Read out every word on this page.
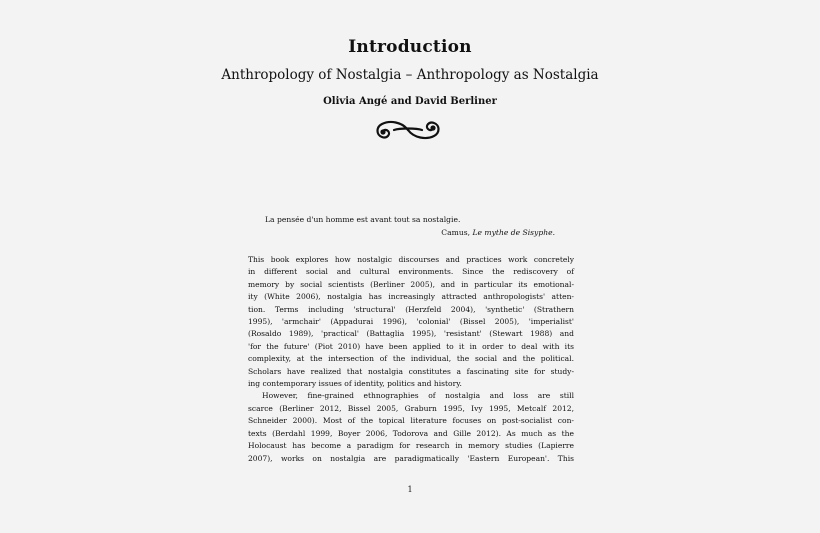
Introduction
Anthropology of Nostalgia – Anthropology as Nostalgia
Olivia Angé and David Berliner
La pensée d'un homme est avant tout sa nostalgie.
Camus, Le mythe de Sisyphe.
This book explores how nostalgic discourses and practices work concretely
in different social and cultural environments. Since the rediscovery of
memory by social scientists (Berliner 2005), and in particular its emotional-
ity (White 2006), nostalgia has increasingly attracted anthropologists' atten-
tion. Terms including 'structural' (Herzfeld 2004), 'synthetic' (Strathern
1995), 'armchair' (Appadurai 1996), 'colonial' (Bissel 2005), 'imperialist'
(Rosaldo 1989), 'practical' (Battaglia 1995), 'resistant' (Stewart 1988) and
'for the future' (Piot 2010) have been applied to it in order to deal with its
complexity, at the intersection of the individual, the social and the political.
Scholars have realized that nostalgia constitutes a fascinating site for study-
ing contemporary issues of identity, politics and history.
However, fine-grained ethnographies of nostalgia and loss are still
scarce (Berliner 2012, Bissel 2005, Graburn 1995, Ivy 1995, Metcalf 2012,
Schneider 2000). Most of the topical literature focuses on post-socialist con-
texts (Berdahl 1999, Boyer 2006, Todorova and Gille 2012). As much as the
Holocaust has become a paradigm for research in memory studies (Lapierre
2007), works on nostalgia are paradigmatically 'Eastern European'. This
1
